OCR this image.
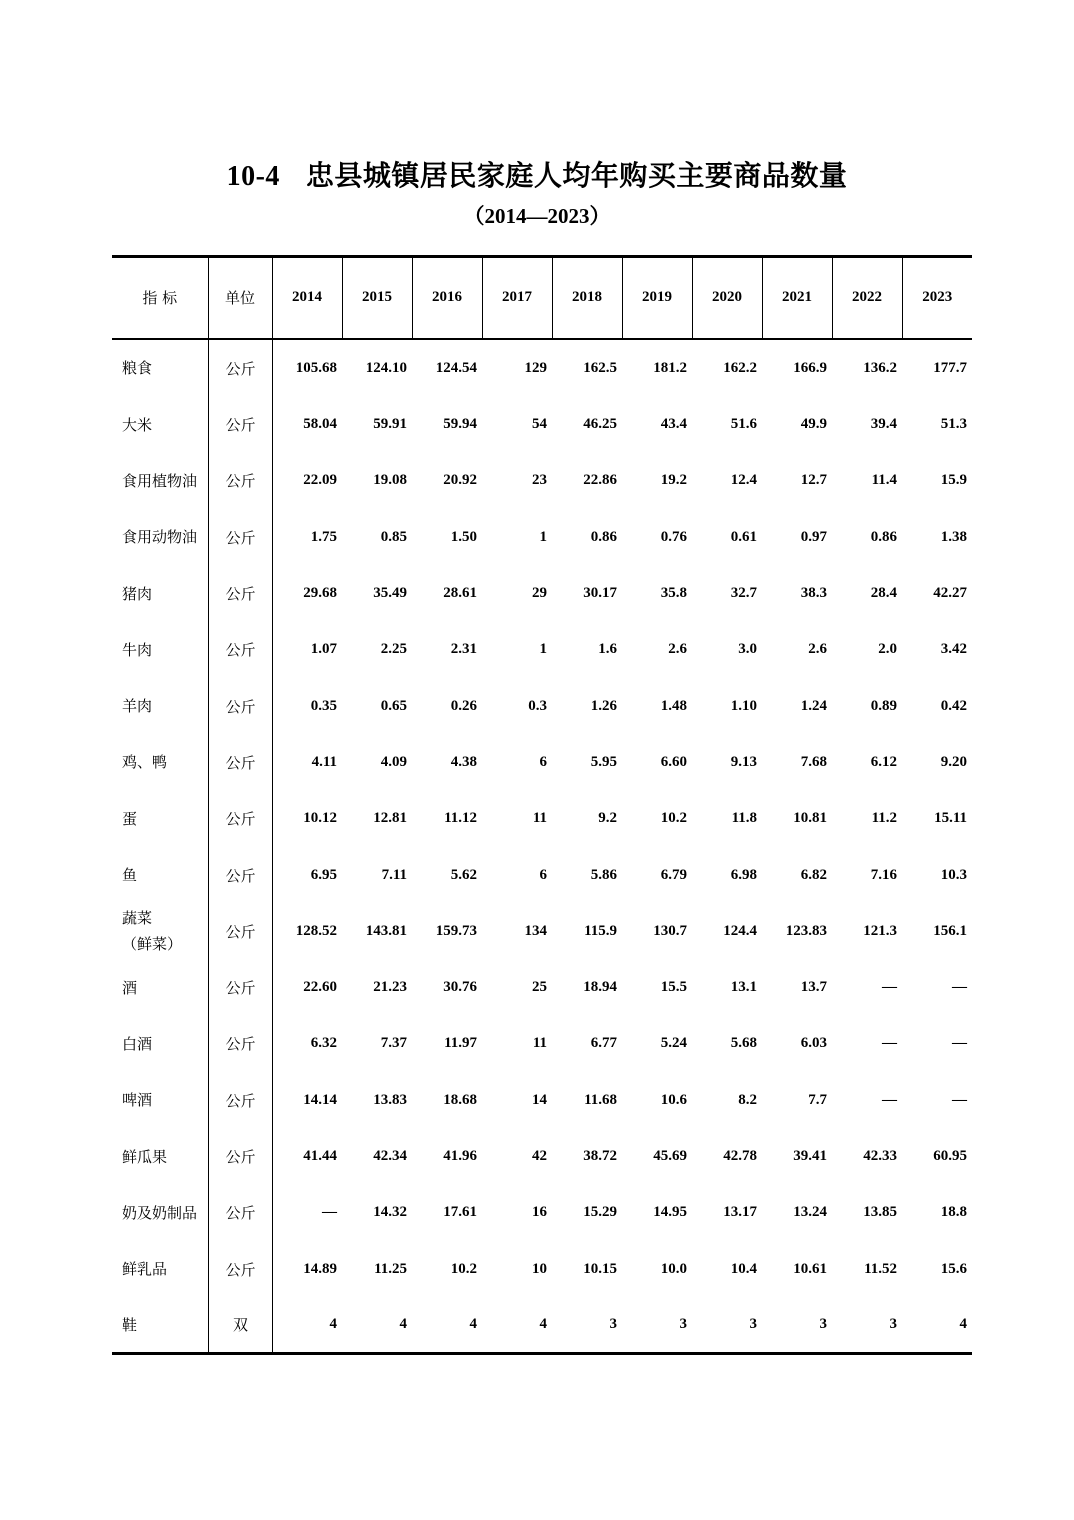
10-4 忠县城镇居民家庭人均年购买主要商品数量
（2014—2023）
指 标	单位	2014	2015	2016	2017	2018	2019	2020	2021	2022	2023
粮食	公斤	105.68	124.10	124.54	129	162.5	181.2	162.2	166.9	136.2	177.7
大米	公斤	58.04	59.91	59.94	54	46.25	43.4	51.6	49.9	39.4	51.3
食用植物油	公斤	22.09	19.08	20.92	23	22.86	19.2	12.4	12.7	11.4	15.9
食用动物油	公斤	1.75	0.85	1.50	1	0.86	0.76	0.61	0.97	0.86	1.38
猪肉	公斤	29.68	35.49	28.61	29	30.17	35.8	32.7	38.3	28.4	42.27
牛肉	公斤	1.07	2.25	2.31	1	1.6	2.6	3.0	2.6	2.0	3.42
羊肉	公斤	0.35	0.65	0.26	0.3	1.26	1.48	1.10	1.24	0.89	0.42
鸡、鸭	公斤	4.11	4.09	4.38	6	5.95	6.60	9.13	7.68	6.12	9.20
蛋	公斤	10.12	12.81	11.12	11	9.2	10.2	11.8	10.81	11.2	15.11
鱼	公斤	6.95	7.11	5.62	6	5.86	6.79	6.98	6.82	7.16	10.3
蔬菜
（鲜菜）	公斤	128.52	143.81	159.73	134	115.9	130.7	124.4	123.83	121.3	156.1
酒	公斤	22.60	21.23	30.76	25	18.94	15.5	13.1	13.7	—	—
白酒	公斤	6.32	7.37	11.97	11	6.77	5.24	5.68	6.03	—	—
啤酒	公斤	14.14	13.83	18.68	14	11.68	10.6	8.2	7.7	—	—
鲜瓜果	公斤	41.44	42.34	41.96	42	38.72	45.69	42.78	39.41	42.33	60.95
奶及奶制品	公斤	—	14.32	17.61	16	15.29	14.95	13.17	13.24	13.85	18.8
鲜乳品	公斤	14.89	11.25	10.2	10	10.15	10.0	10.4	10.61	11.52	15.6
鞋	双	4	4	4	4	3	3	3	3	3	4
